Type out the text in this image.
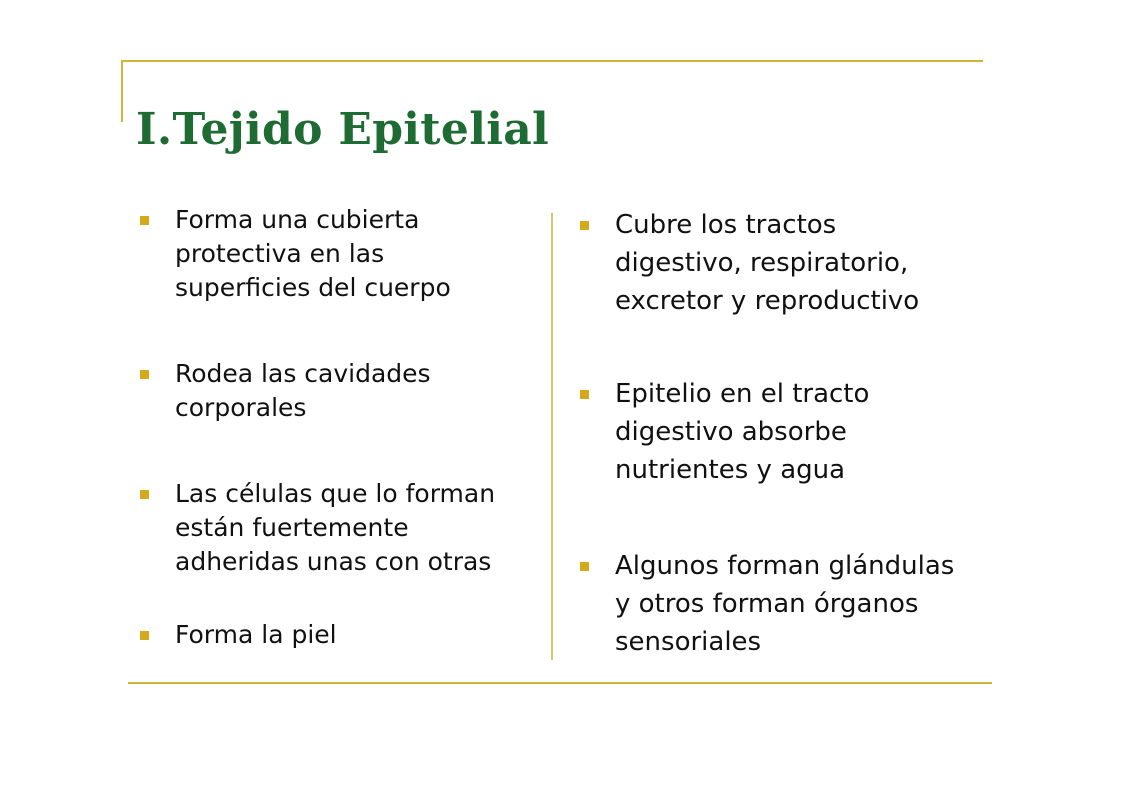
I.Tejido Epitelial
Forma una cubierta
protectiva en las
superficies del cuerpo
Rodea las cavidades
corporales
Las células que lo forman
están fuertemente
adheridas unas con otras
Forma la piel
Cubre los tractos
digestivo, respiratorio,
excretor y reproductivo
Epitelio en el tracto
digestivo absorbe
nutrientes y agua
Algunos forman glándulas
y otros forman órganos
sensoriales
